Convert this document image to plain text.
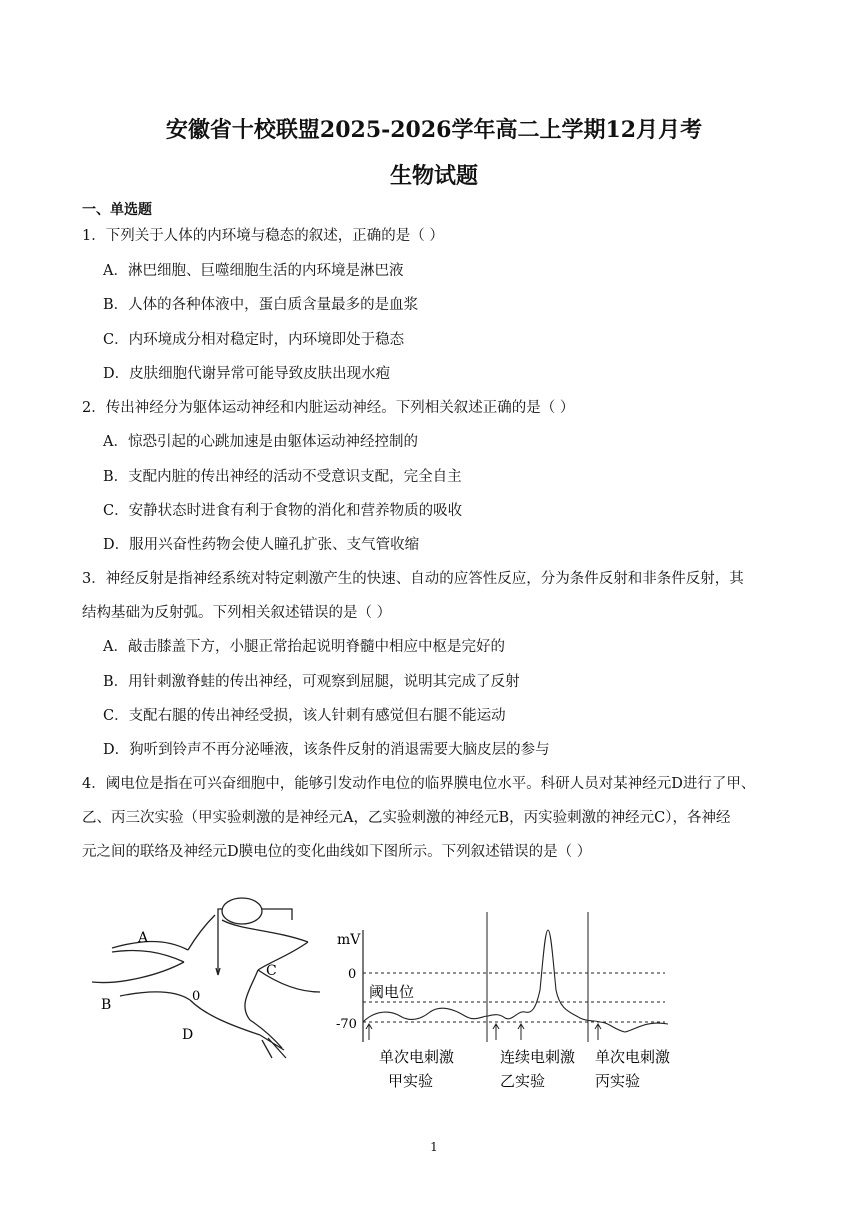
安徽省十校联盟2025-2026学年高二上学期12月月考
生物试题
一、单选题
1．下列关于人体的内环境与稳态的叙述，正确的是（ ）
A．淋巴细胞、巨噬细胞生活的内环境是淋巴液
B．人体的各种体液中，蛋白质含量最多的是血浆
C．内环境成分相对稳定时，内环境即处于稳态
D．皮肤细胞代谢异常可能导致皮肤出现水疱
2．传出神经分为躯体运动神经和内脏运动神经。下列相关叙述正确的是（ ）
A．惊恐引起的心跳加速是由躯体运动神经控制的
B．支配内脏的传出神经的活动不受意识支配，完全自主
C．安静状态时进食有利于食物的消化和营养物质的吸收
D．服用兴奋性药物会使人瞳孔扩张、支气管收缩
3．神经反射是指神经系统对特定刺激产生的快速、自动的应答性反应，分为条件反射和非条件反射，其
结构基础为反射弧。下列相关叙述错误的是（ ）
A．敲击膝盖下方，小腿正常抬起说明脊髓中相应中枢是完好的
B．用针刺激脊蛙的传出神经，可观察到屈腿，说明其完成了反射
C．支配右腿的传出神经受损，该人针刺有感觉但右腿不能运动
D．狗听到铃声不再分泌唾液，该条件反射的消退需要大脑皮层的参与
4．阈电位是指在可兴奋细胞中，能够引发动作电位的临界膜电位水平。科研人员对某神经元D进行了甲、
乙、丙三次实验（甲实验刺激的是神经元A，乙实验刺激的神经元B，丙实验刺激的神经元C），各神经
元之间的联络及神经元D膜电位的变化曲线如下图所示。下列叙述错误的是（ ）
A
B
C
D
0
mV
0
-70
阈电位
单次电刺激
甲实验
连续电刺激
乙实验
单次电刺激
丙实验
1
